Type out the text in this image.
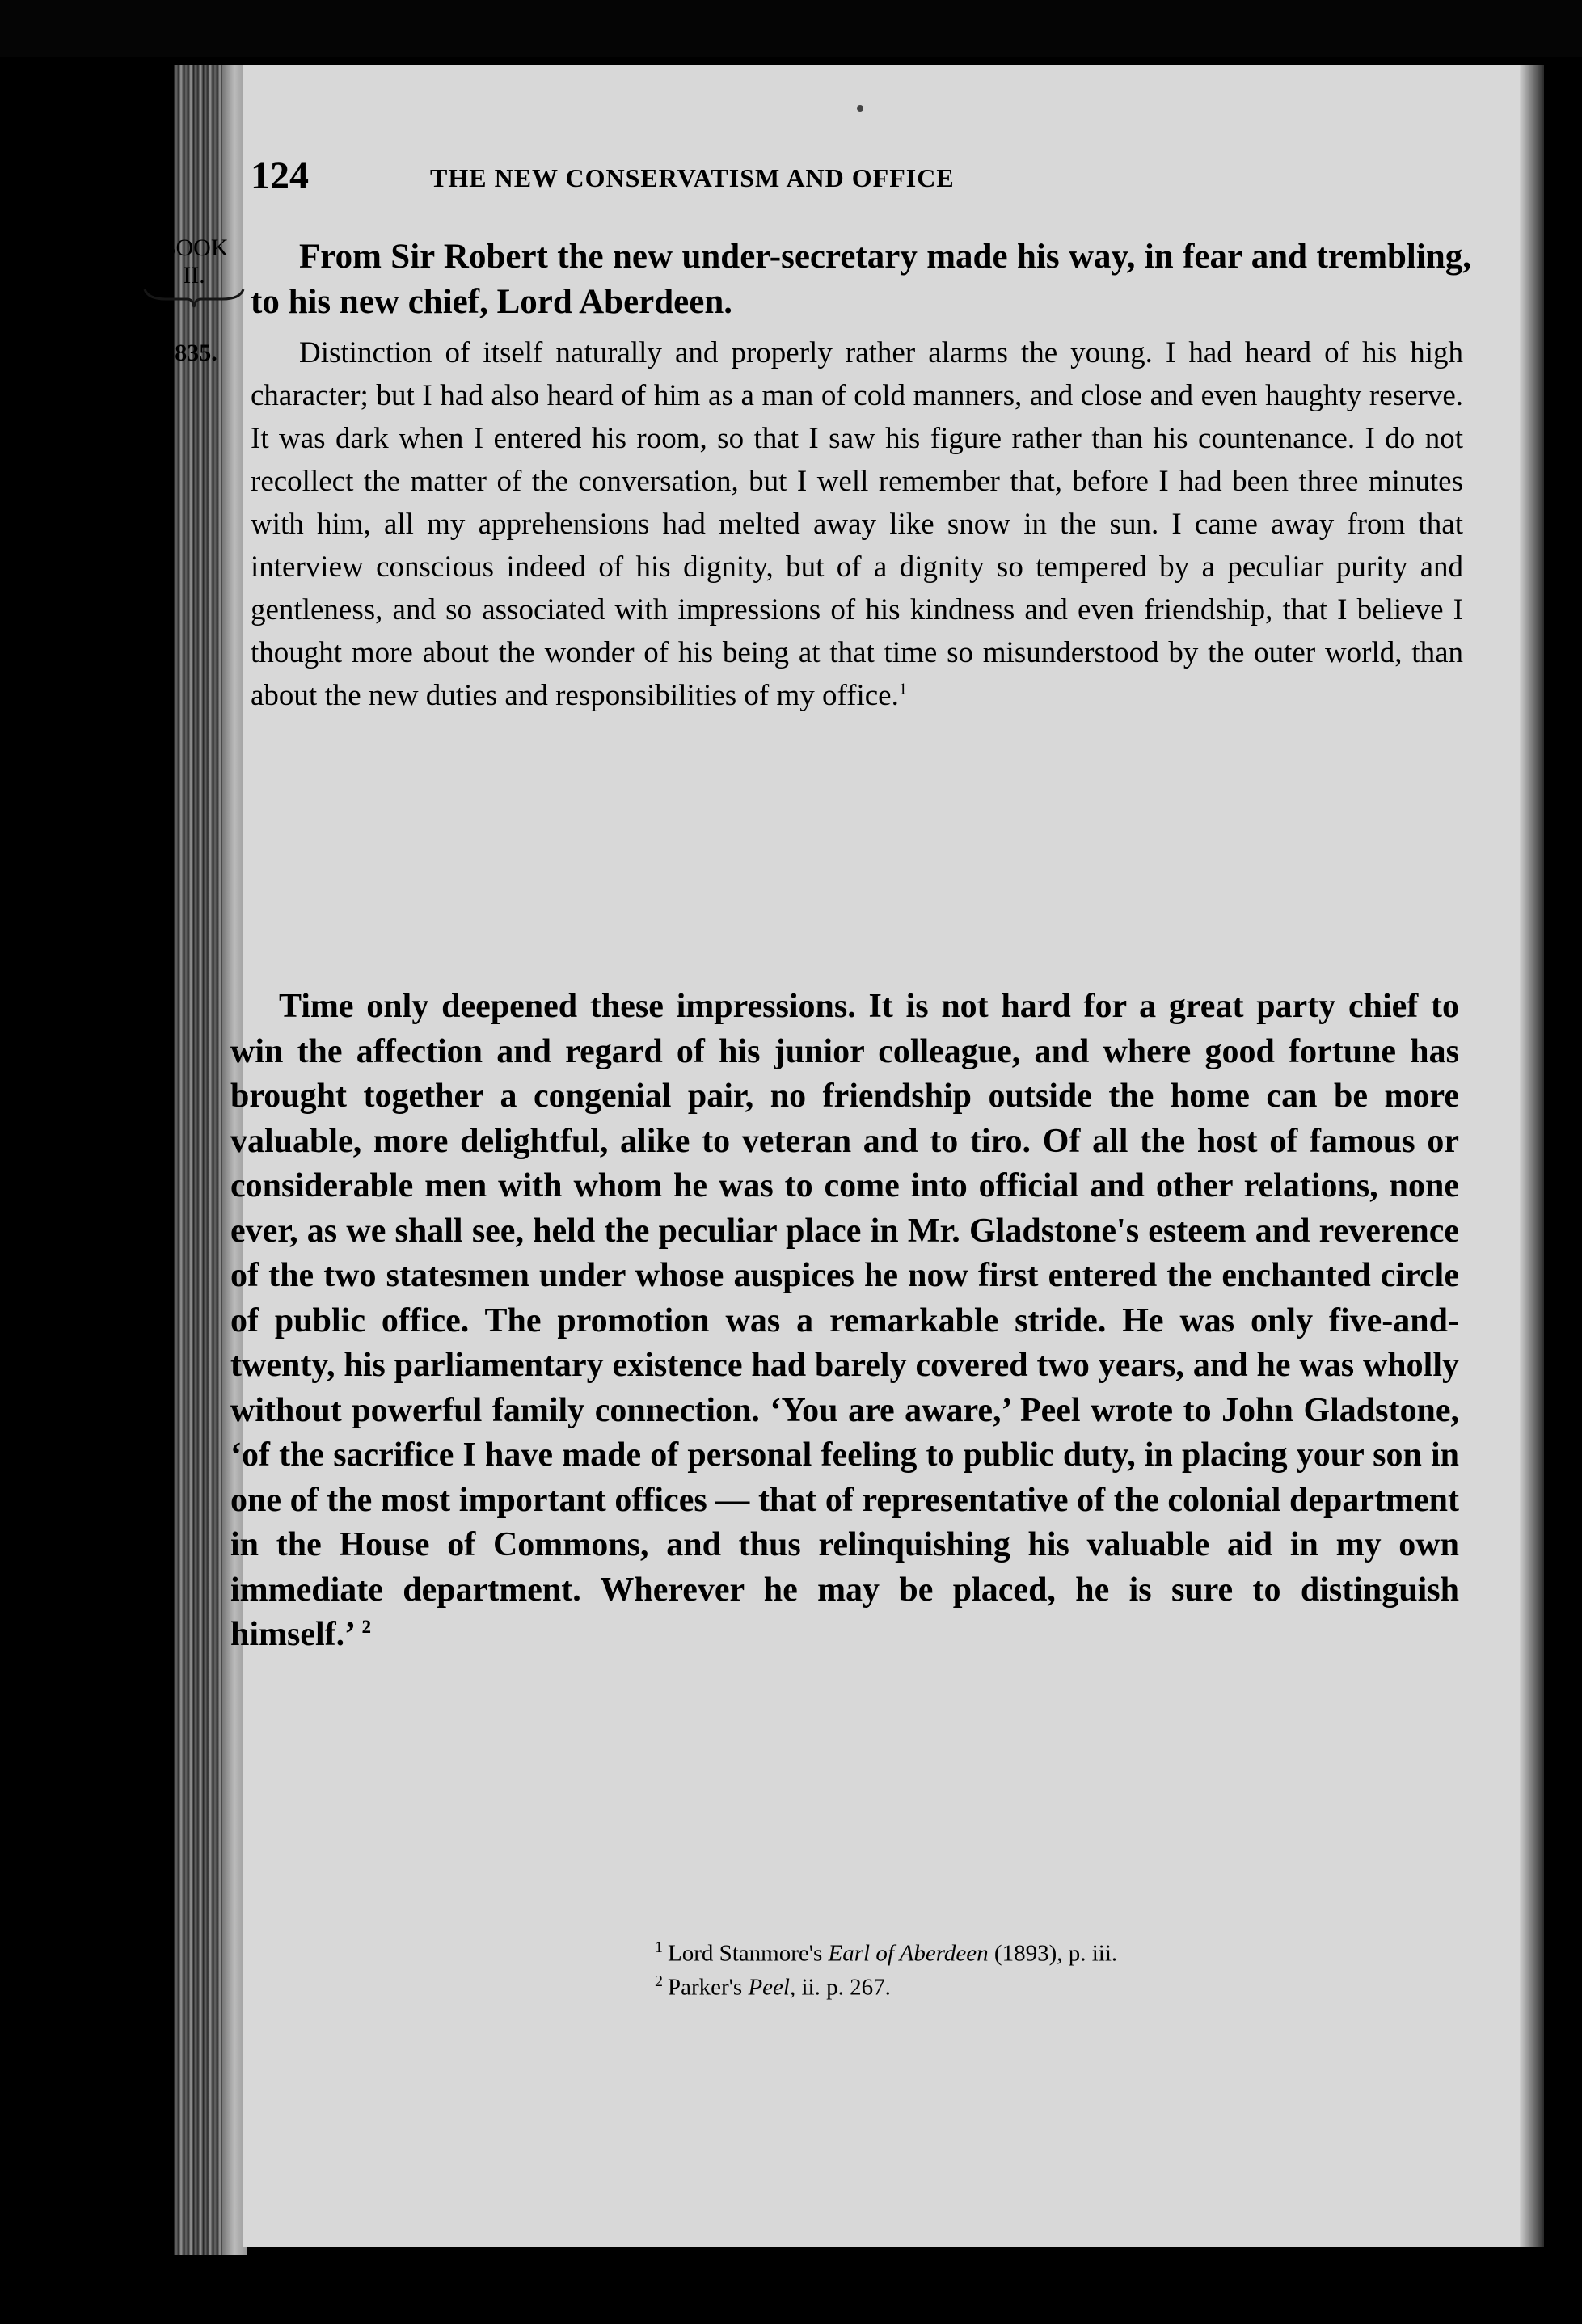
124	THE NEW CONSERVATISM AND OFFICE
BOOK
II.
1835.

From Sir Robert the new under-secretary made his way, in fear and trembling, to his new chief, Lord Aberdeen.

Distinction of itself naturally and properly rather alarms the young. I had heard of his high character; but I had also heard of him as a man of cold manners, and close and even haughty reserve. It was dark when I entered his room, so that I saw his figure rather than his countenance. I do not recollect the matter of the conversation, but I well remember that, before I had been three minutes with him, all my apprehensions had melted away like snow in the sun. I came away from that interview conscious indeed of his dignity, but of a dignity so tempered by a peculiar purity and gentleness, and so associated with impressions of his kindness and even friendship, that I believe I thought more about the wonder of his being at that time so misunderstood by the outer world, than about the new duties and responsibilities of my office.$^1$

Time only deepened these impressions. It is not hard for a great party chief to win the affection and regard of his junior colleague, and where good fortune has brought together a congenial pair, no friendship outside the home can be more valuable, more delightful, alike to veteran and to tiro. Of all the host of famous or considerable men with whom he was to come into official and other relations, none ever, as we shall see, held the peculiar place in Mr. Gladstone's esteem and reverence of the two statesmen under whose auspices he now first entered the enchanted circle of public office. The promotion was a remarkable stride. He was only five-and-twenty, his parliamentary existence had barely covered two years, and he was wholly without powerful family connection. ‘You are aware,’ Peel wrote to John Gladstone, ‘of the sacrifice I have made of personal feeling to public duty, in placing your son in one of the most important offices — that of representative of the colonial department in the House of Commons, and thus relinquishing his valuable aid in my own immediate department. Wherever he may be placed, he is sure to distinguish himself.’ $^2$

$^1$ Lord Stanmore's Earl of Aberdeen (1893), p. iii.
$^2$ Parker's Peel, ii. p. 267.
